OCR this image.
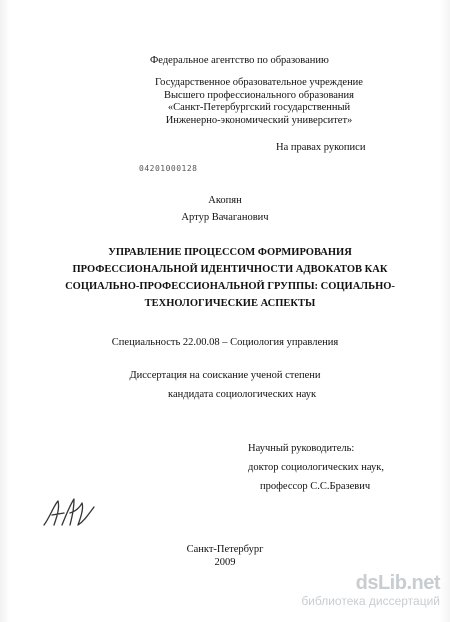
Федеральное агентство по образованию
Государственное образовательное учреждение
Высшего профессионального образования
«Санкт-Петербургский государственный
Инженерно-экономический университет»
На правах рукописи
04201000128
Акопян
Артур Вачаганович
УПРАВЛЕНИЕ ПРОЦЕССОМ ФОРМИРОВАНИЯ
ПРОФЕССИОНАЛЬНОЙ ИДЕНТИЧНОСТИ АДВОКАТОВ КАК
СОЦИАЛЬНО-ПРОФЕССИОНАЛЬНОЙ ГРУППЫ: СОЦИАЛЬНО-
ТЕХНОЛОГИЧЕСКИЕ АСПЕКТЫ
Специальность 22.00.08 – Социология управления
Диссертация на соискание ученой степени
кандидата социологических наук
Научный руководитель:
доктор социологических наук,
профессор С.С.Бразевич
Санкт-Петербург
2009
dsLib.net
библиотека диссертаций
